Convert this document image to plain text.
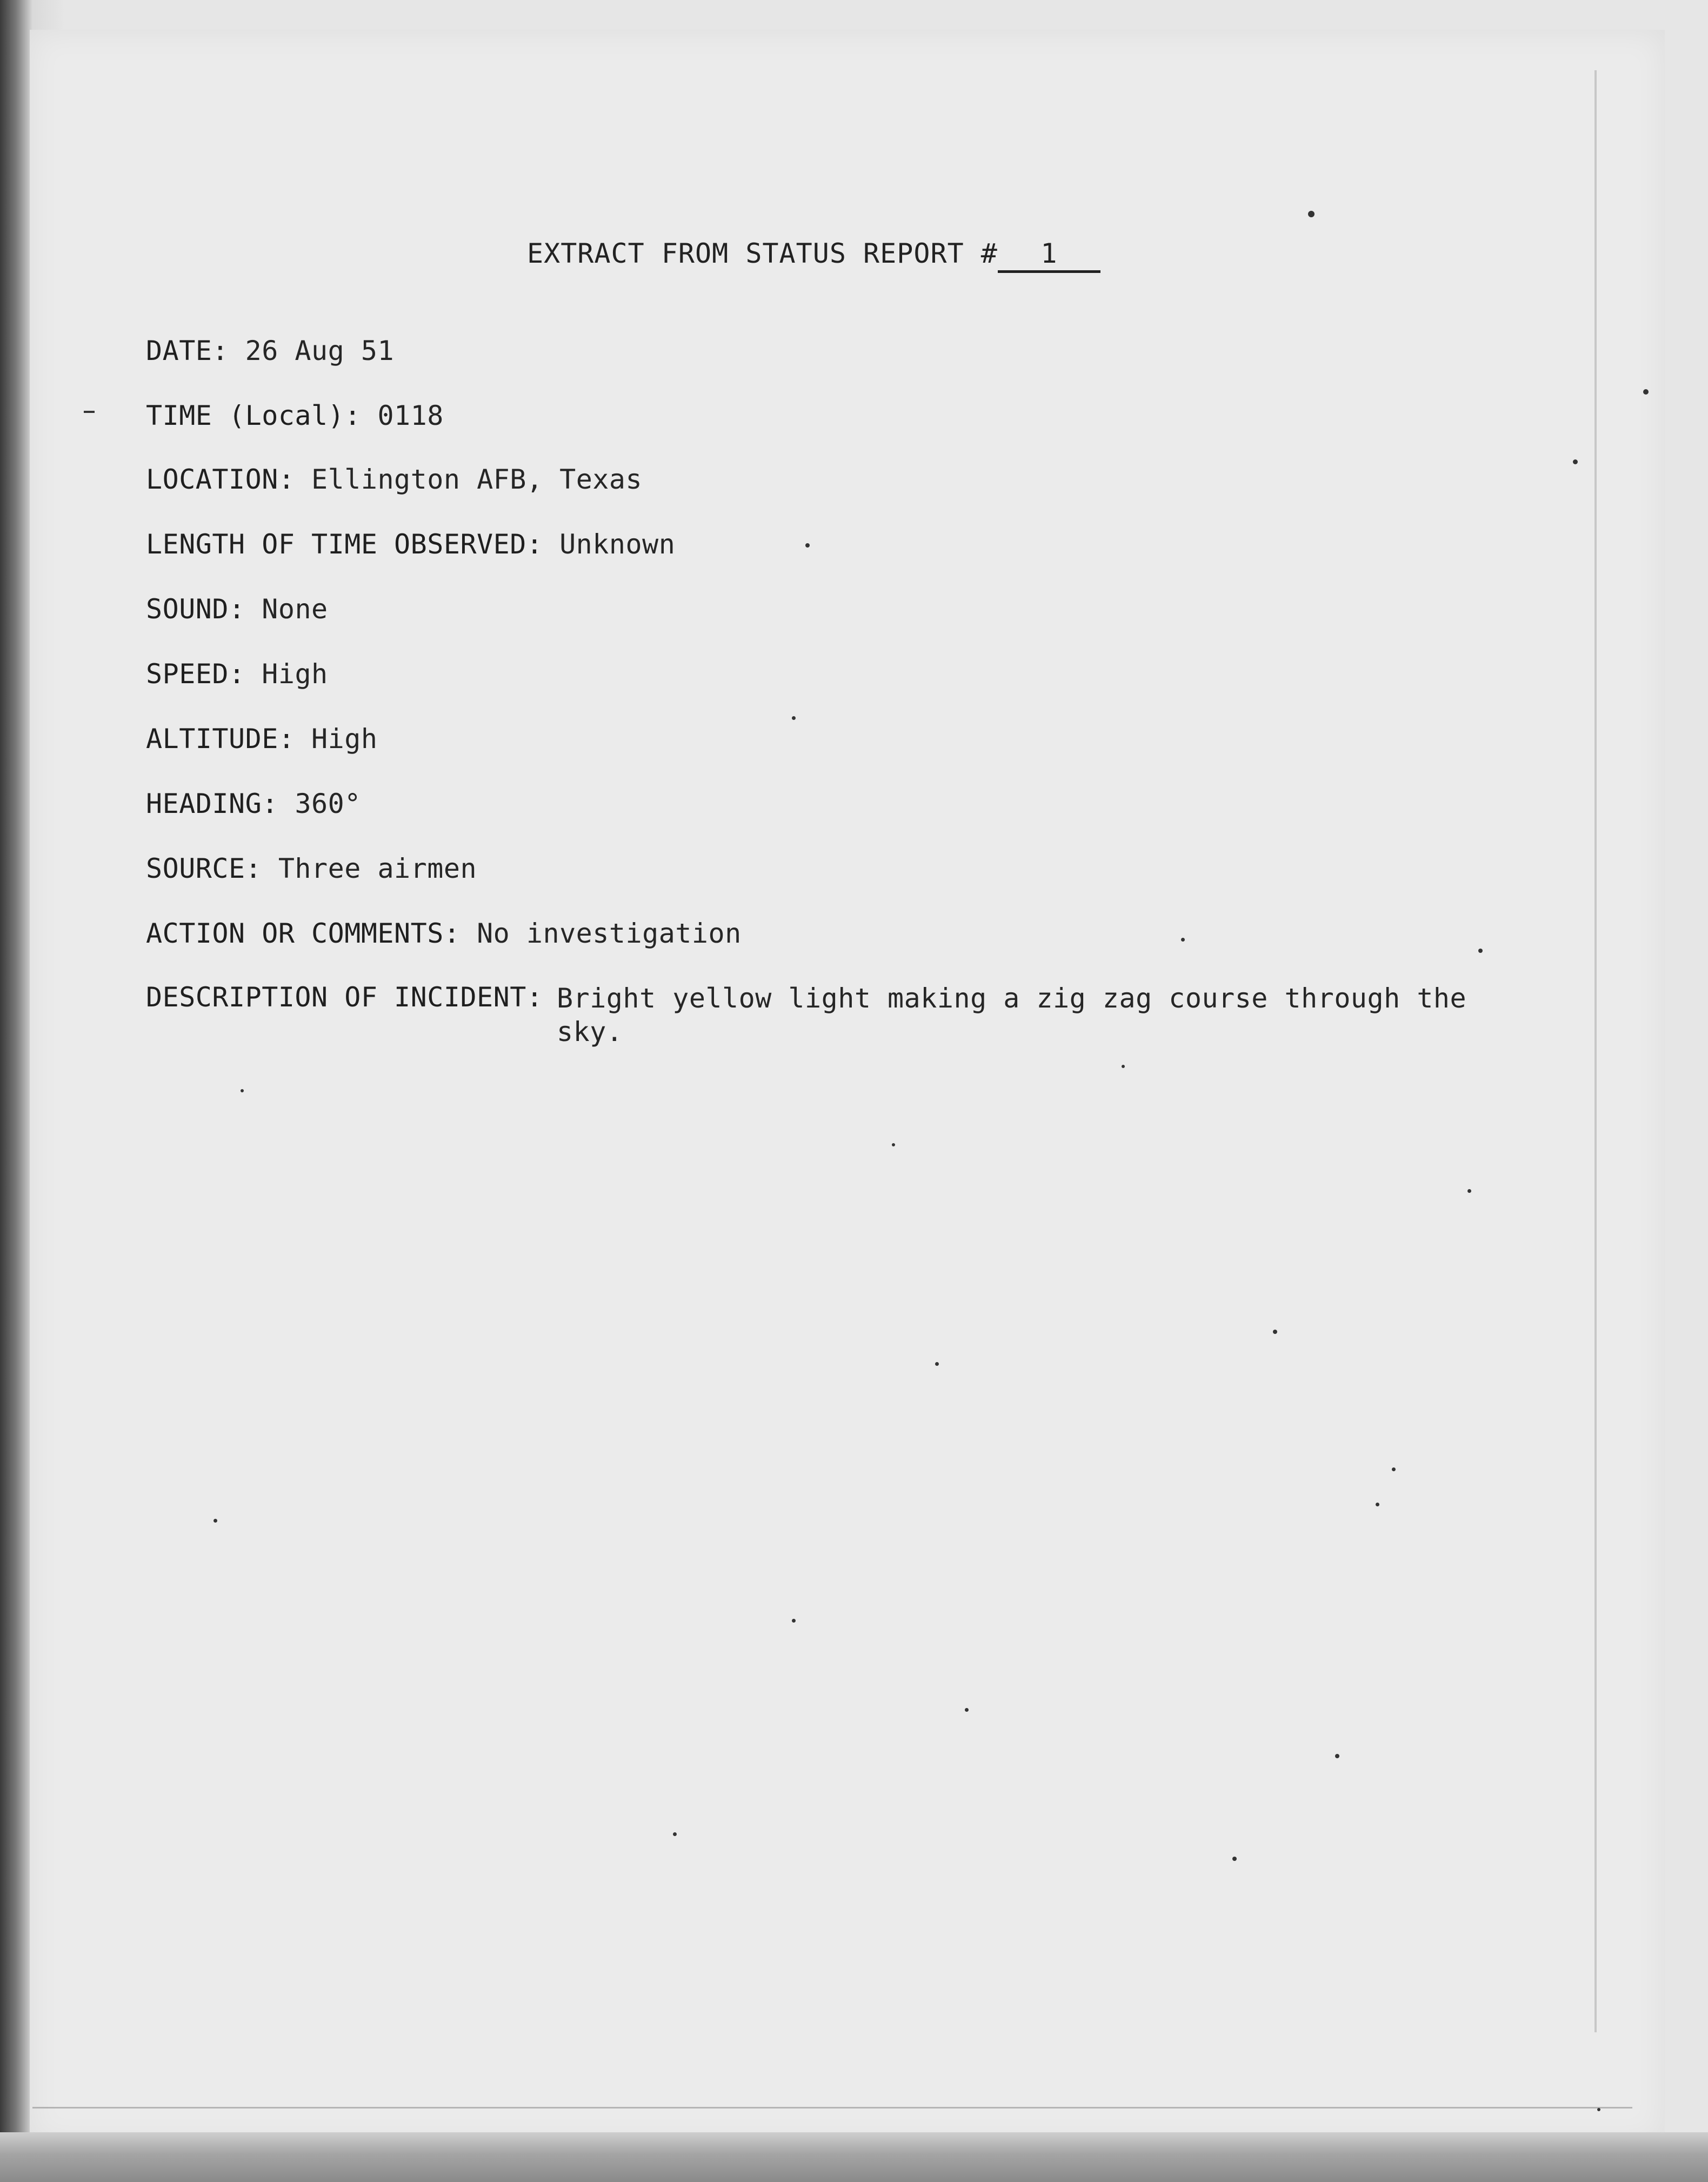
EXTRACT FROM STATUS REPORT # 1
DATE: 26 Aug 51
TIME (Local): 0118
LOCATION: Ellington AFB, Texas
LENGTH OF TIME OBSERVED: Unknown
SOUND: None
SPEED: High
ALTITUDE: High
HEADING: 360°
SOURCE: Three airmen
ACTION OR COMMENTS: No investigation
DESCRIPTION OF INCIDENT: Bright yellow light making a zig zag course through the sky.
